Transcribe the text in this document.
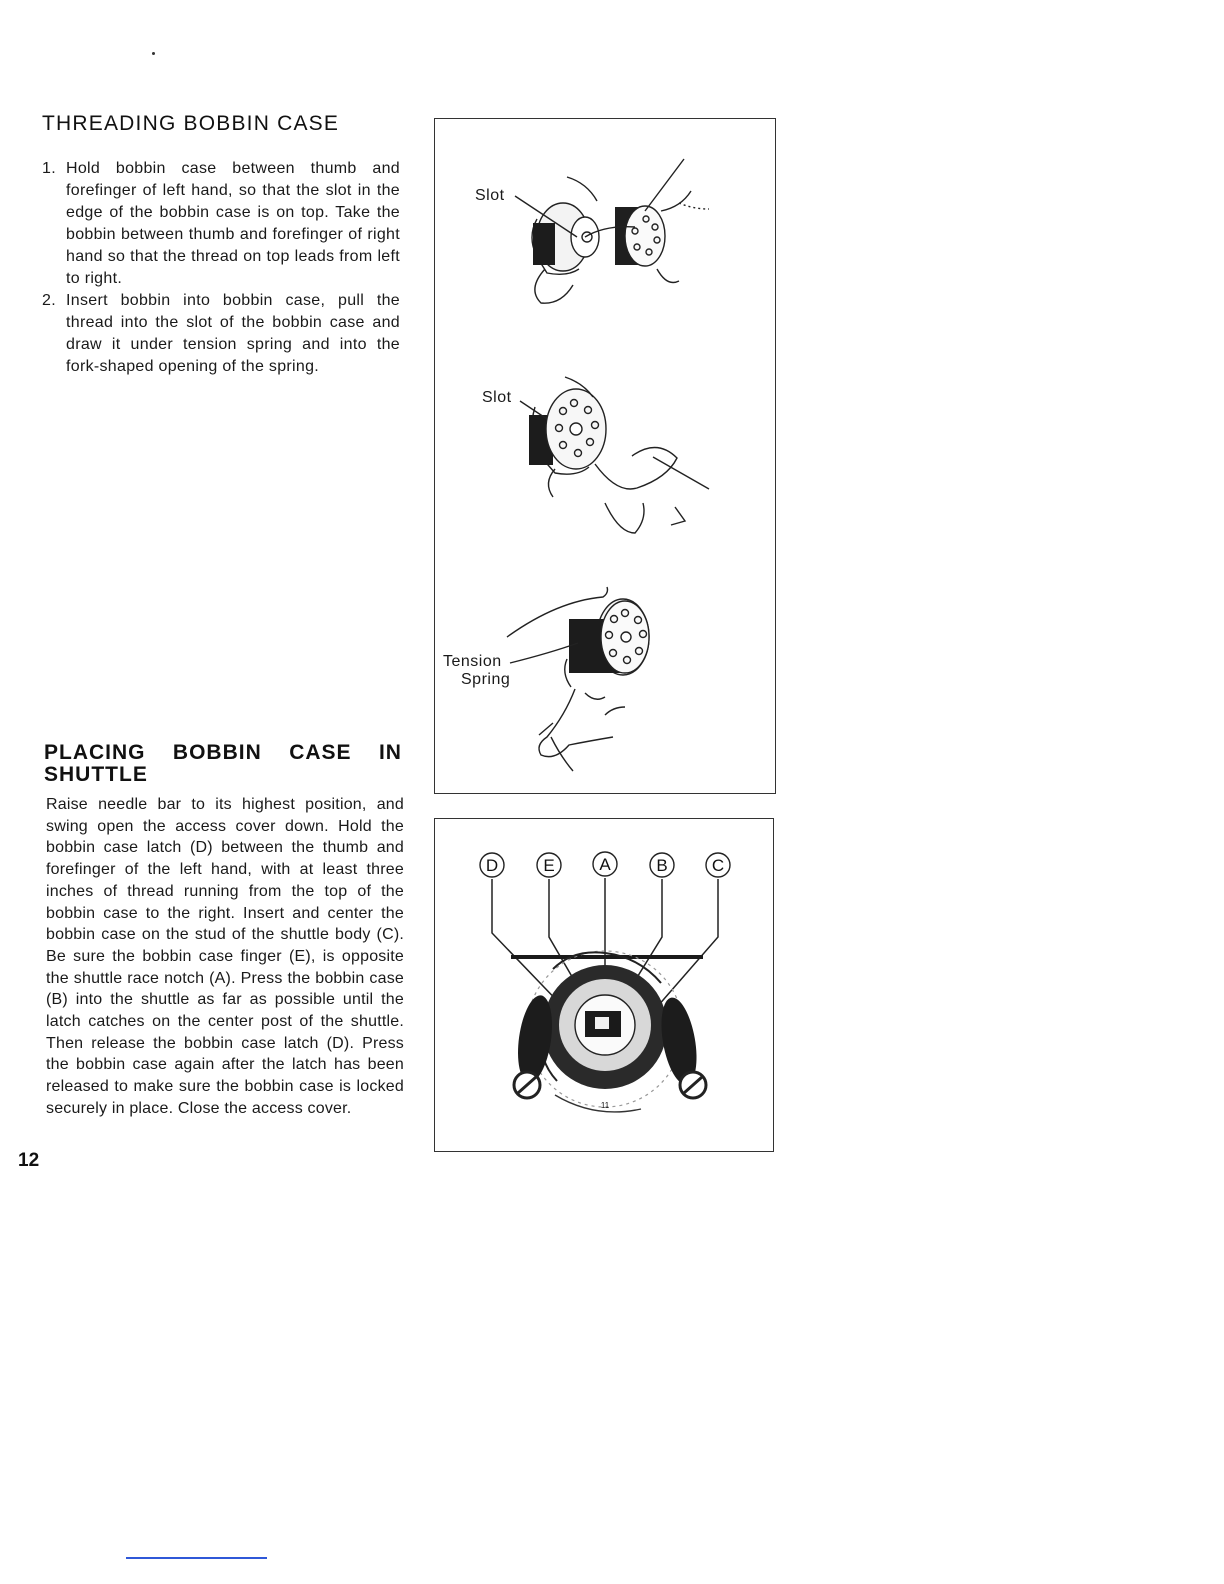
THREADING BOBBIN CASE
1. Hold bobbin case between thumb and forefinger of left hand, so that the slot in the edge of the bobbin case is on top. Take the bobbin between thumb and forefinger of right hand so that the thread on top leads from left to right.
2. Insert bobbin into bobbin case, pull the thread into the slot of the bobbin case and draw it under tension spring and into the fork-shaped opening of the spring.
PLACING BOBBIN CASE IN
SHUTTLE

Raise needle bar to its highest position, and swing open the access cover down. Hold the bobbin case latch (D) between the thumb and forefinger of the left hand, with at least three inches of thread running from the top of the bobbin case to the right. Insert and center the bobbin case on the stud of the shuttle body (C). Be sure the bobbin case finger (E), is opposite the shuttle race notch (A). Press the bobbin case (B) into the shuttle as far as possible until the latch catches on the center post of the shuttle. Then release the bobbin case latch (D). Press the bobbin case again after the latch has been released to make sure the bobbin case is locked securely in place. Close the access cover.

12
Slot
Slot
Tension
Spring
D	E	A	B	C
11
